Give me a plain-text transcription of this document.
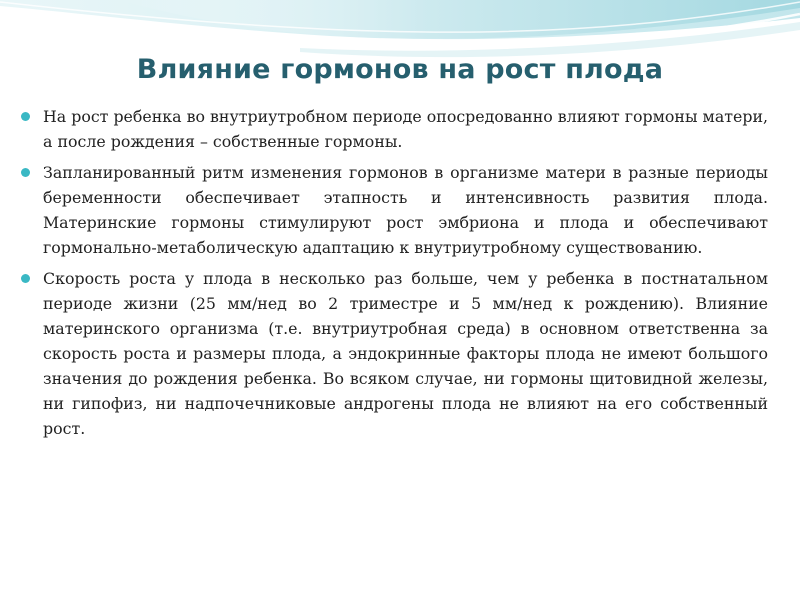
Влияние гормонов на рост плода
На рост ребенка во внутриутробном периоде опосредованно влияют гормоны матери, а после рождения – собственные гормоны.
Запланированный ритм изменения гормонов в организме матери в разные периоды беременности обеспечивает этапность и интенсивность развития плода. Материнские гормоны стимулируют рост эмбриона и плода и обеспечивают гормонально-метаболическую адаптацию к внутриутробному существованию.
Скорость роста у плода в несколько раз больше, чем у ребенка в постнатальном периоде жизни (25 мм/нед во 2 триместре и 5 мм/нед к рождению). Влияние материнского организма (т.е. внутриутробная среда) в основном ответственна за скорость роста и размеры плода, а эндокринные факторы плода не имеют большого значения до рождения ребенка. Во всяком случае, ни гормоны щитовидной железы, ни гипофиз, ни надпочечниковые андрогены плода не влияют на его собственный рост.
